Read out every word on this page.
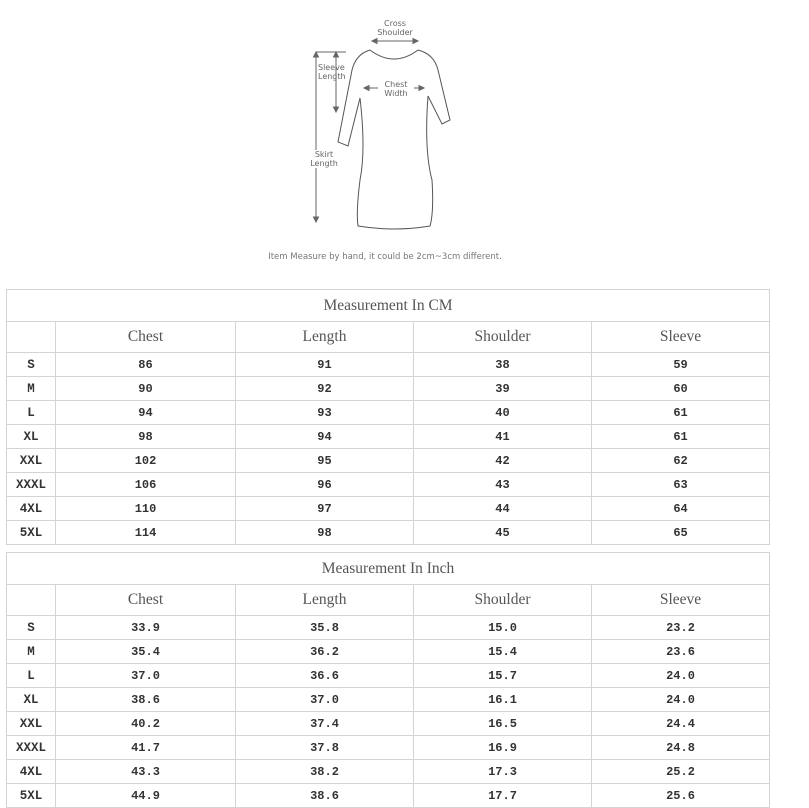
Cross
Shoulder
Sleeve
Length
Chest
Width
Skirt
Length
Item Measure by hand, it could be 2cm~3cm different.
Measurement In CM				
	Chest	Length	Shoulder	Sleeve
S	86	91	38	59
M	90	92	39	60
L	94	93	40	61
XL	98	94	41	61
XXL	102	95	42	62
XXXL	106	96	43	63
4XL	110	97	44	64
5XL	114	98	45	65
Measurement In Inch				
	Chest	Length	Shoulder	Sleeve
S	33.9	35.8	15.0	23.2
M	35.4	36.2	15.4	23.6
L	37.0	36.6	15.7	24.0
XL	38.6	37.0	16.1	24.0
XXL	40.2	37.4	16.5	24.4
XXXL	41.7	37.8	16.9	24.8
4XL	43.3	38.2	17.3	25.2
5XL	44.9	38.6	17.7	25.6
